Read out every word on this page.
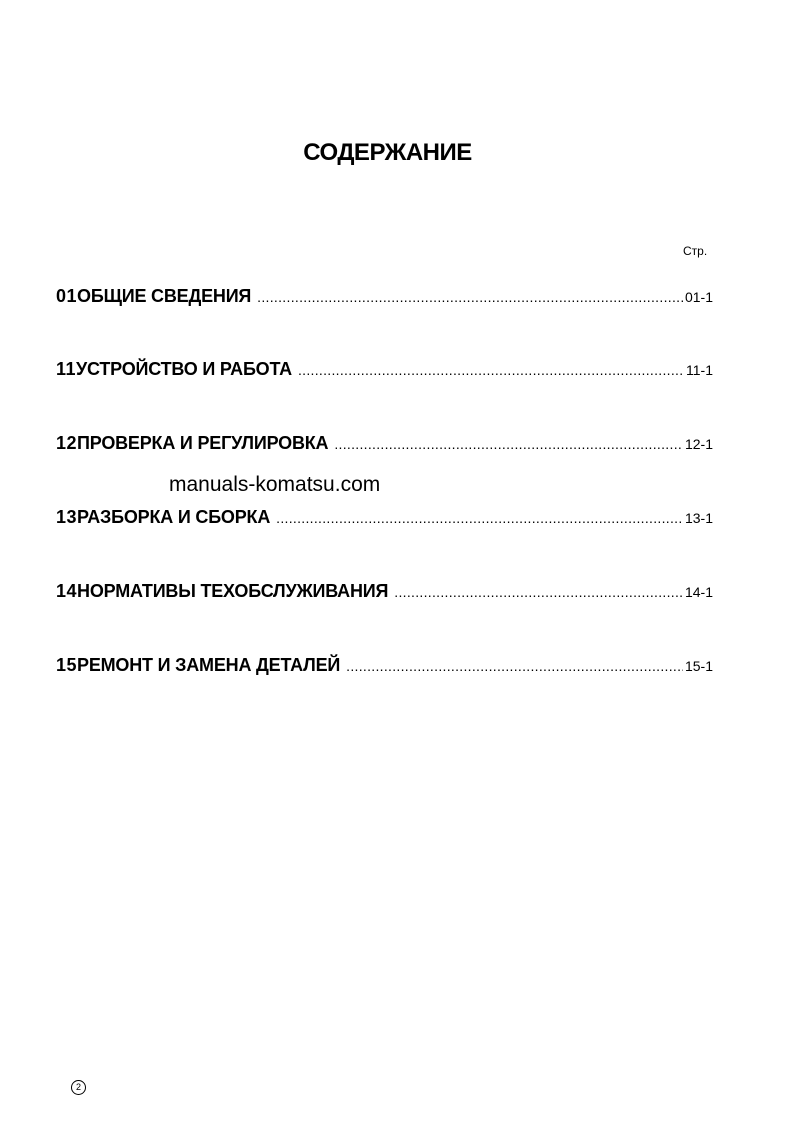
СОДЕРЖАНИЕ
Стр.
01 ОБЩИЕ СВЕДЕНИЯ .....	01-1
11 УСТРОЙСТВО И РАБОТА .....	11-1
12 ПРОВЕРКА И РЕГУЛИРОВКА .....	12-1
13 РАЗБОРКА И СБОРКА .....	13-1
14 НОРМАТИВЫ ТЕХОБСЛУЖИВАНИЯ .....	14-1
15 РЕМОНТ И ЗАМЕНА ДЕТАЛЕЙ .....	15-1
manuals-komatsu.com
2
